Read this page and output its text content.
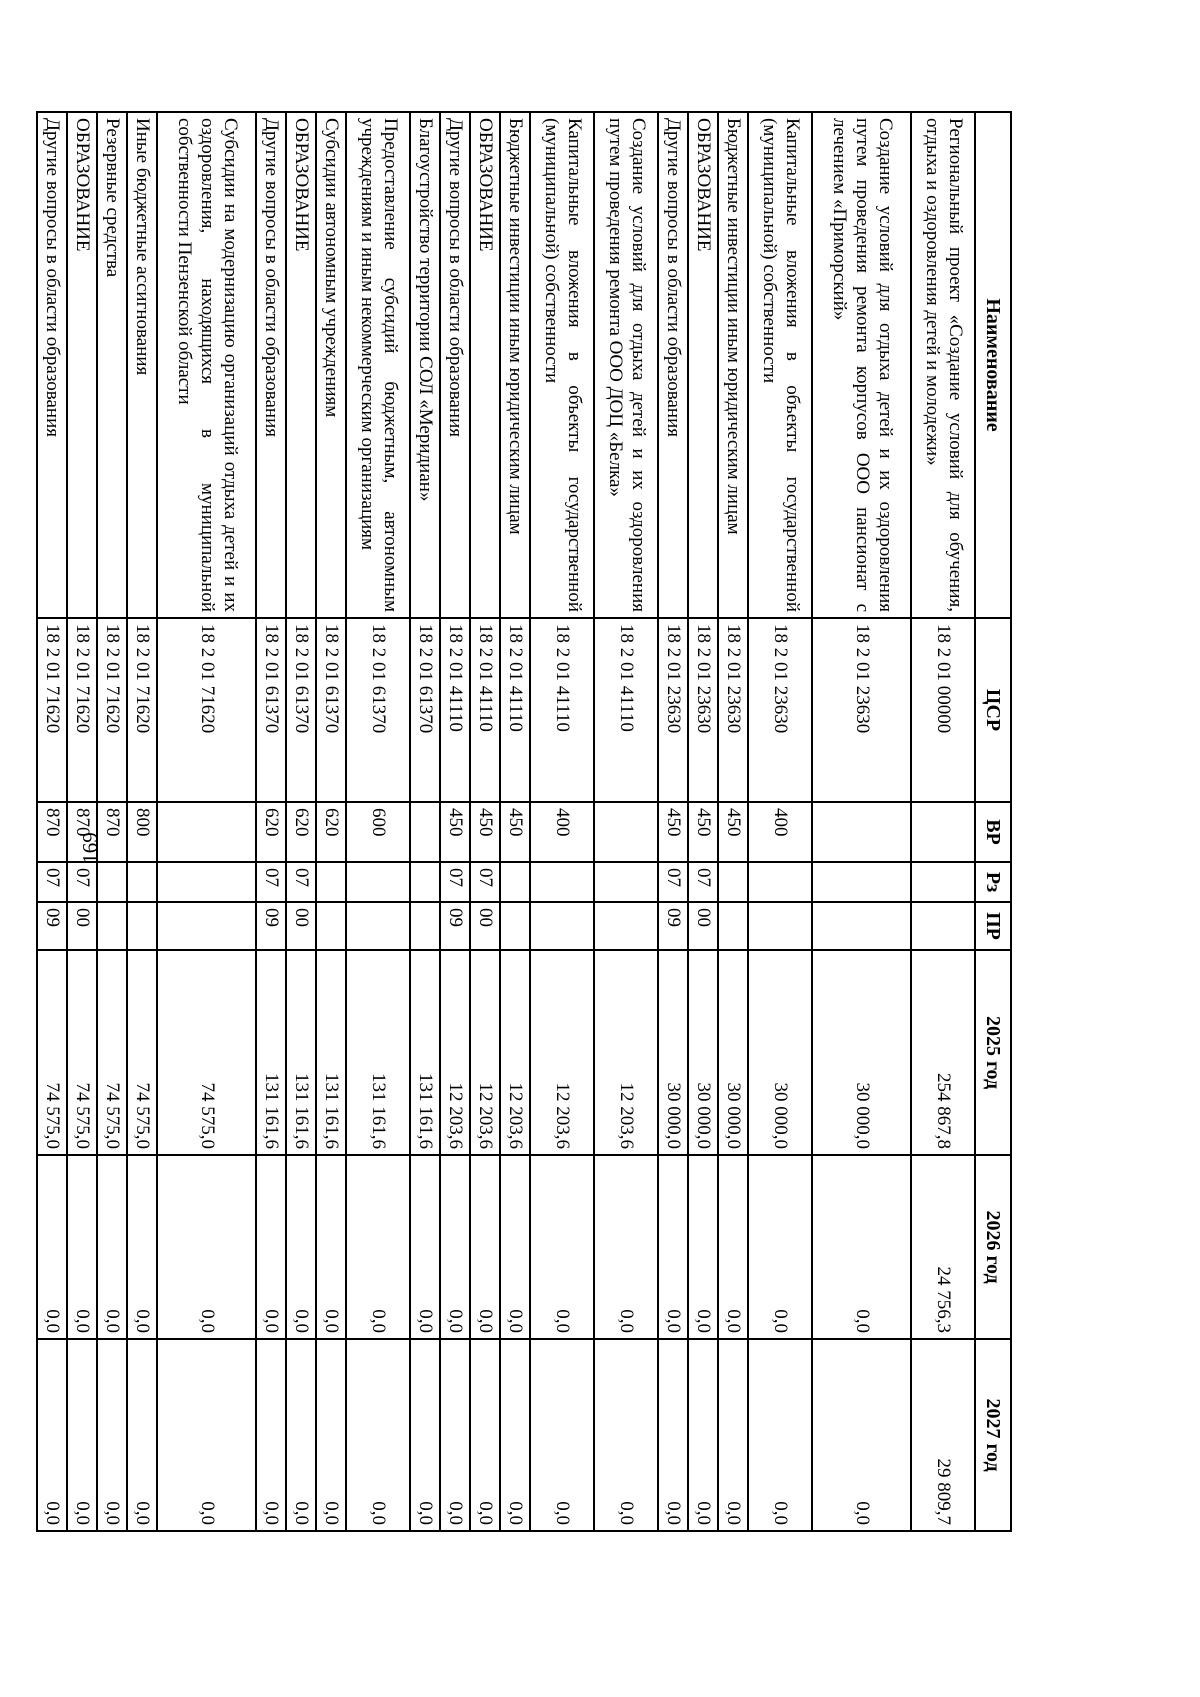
169
Наименование	ЦСР	ВР	Рз	ПР	2025 год	2026 год	2027 год
Региональный проект «Создание условий для обучения, отдыха и оздоровления детей и молодежи»	18 2 01 00000				254 867,8	24 756,3	29 809,7
Создание условий для отдыха детей и их оздоровления путем проведения ремонта корпусов ООО пансионат с лечением «Приморский»	18 2 01 23630				30 000,0	0,0	0,0
Капитальные вложения в объекты государственной (муниципальной) собственности	18 2 01 23630	400			30 000,0	0,0	0,0
Бюджетные инвестиции иным юридическим лицам	18 2 01 23630	450			30 000,0	0,0	0,0
ОБРАЗОВАНИЕ	18 2 01 23630	450	07	00	30 000,0	0,0	0,0
Другие вопросы в области образования	18 2 01 23630	450	07	09	30 000,0	0,0	0,0
Создание условий для отдыха детей и их оздоровления путем проведения ремонта ООО ДОЦ «Белка»	18 2 01 41110				12 203,6	0,0	0,0
Капитальные вложения в объекты государственной (муниципальной) собственности	18 2 01 41110	400			12 203,6	0,0	0,0
Бюджетные инвестиции иным юридическим лицам	18 2 01 41110	450			12 203,6	0,0	0,0
ОБРАЗОВАНИЕ	18 2 01 41110	450	07	00	12 203,6	0,0	0,0
Другие вопросы в области образования	18 2 01 41110	450	07	09	12 203,6	0,0	0,0
Благоустройство территории СОЛ «Меридиан»	18 2 01 61370				131 161,6	0,0	0,0
Предоставление субсидий бюджетным, автономным учреждениям и иным некоммерческим организациям	18 2 01 61370	600			131 161,6	0,0	0,0
Субсидии автономным учреждениям	18 2 01 61370	620			131 161,6	0,0	0,0
ОБРАЗОВАНИЕ	18 2 01 61370	620	07	00	131 161,6	0,0	0,0
Другие вопросы в области образования	18 2 01 61370	620	07	09	131 161,6	0,0	0,0
Субсидии на модернизацию организаций отдыха детей и их оздоровления, находящихся в муниципальной собственности Пензенской области	18 2 01 71620				74 575,0	0,0	0,0
Иные бюджетные ассигнования	18 2 01 71620	800			74 575,0	0,0	0,0
Резервные средства	18 2 01 71620	870			74 575,0	0,0	0,0
ОБРАЗОВАНИЕ	18 2 01 71620	870	07	00	74 575,0	0,0	0,0
Другие вопросы в области образования	18 2 01 71620	870	07	09	74 575,0	0,0	0,0
